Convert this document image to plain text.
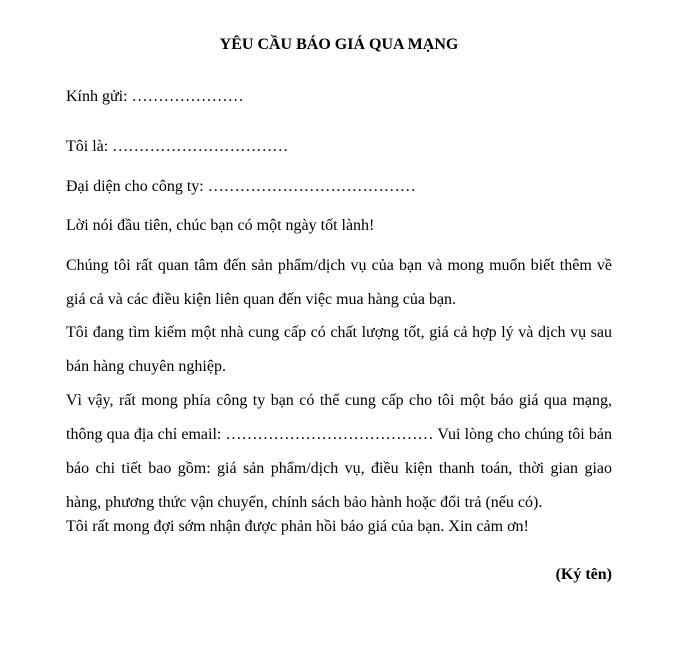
YÊU CẦU BÁO GIÁ QUA MẠNG
Kính gửi: …………………
Tôi là: ……………………………
Đại diện cho công ty: …………………………………
Lời nói đầu tiên, chúc bạn có một ngày tốt lành!
Chúng tôi rất quan tâm đến sản phẩm/dịch vụ của bạn và mong muốn biết thêm về giá cả và các điều kiện liên quan đến việc mua hàng của bạn.
Tôi đang tìm kiếm một nhà cung cấp có chất lượng tốt, giá cả hợp lý và dịch vụ sau bán hàng chuyên nghiệp.
Vì vậy, rất mong phía công ty bạn có thể cung cấp cho tôi một báo giá qua mạng, thông qua địa chỉ email: ………………………………… Vui lòng cho chúng tôi bản báo chi tiết bao gồm: giá sản phẩm/dịch vụ, điều kiện thanh toán, thời gian giao hàng, phương thức vận chuyển, chính sách bảo hành hoặc đổi trả (nếu có).
Tôi rất mong đợi sớm nhận được phản hồi báo giá của bạn. Xin cảm ơn!
(Ký tên)
